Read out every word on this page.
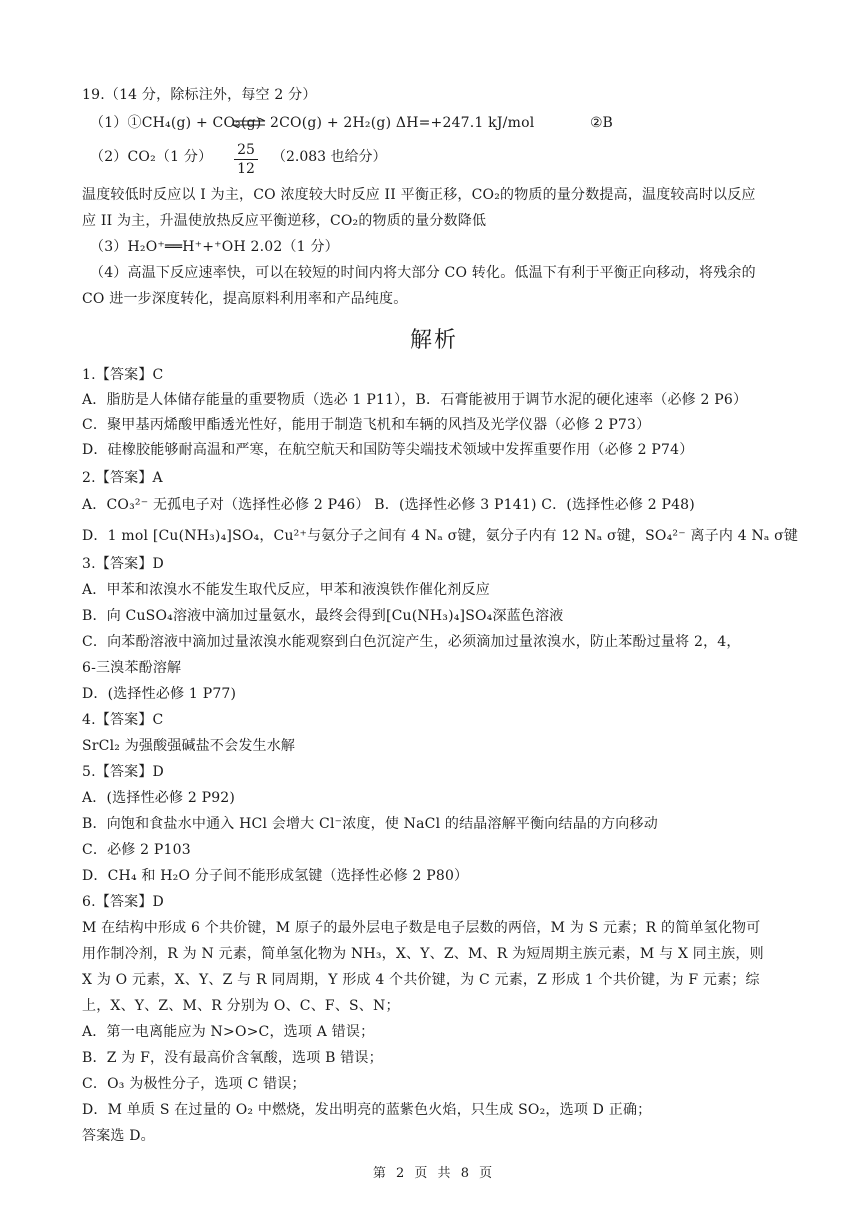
19.（14 分，除标注外，每空 2 分）
（1）①CH₄(g) + CO₂(g) ⇌ 2CO(g) + 2H₂(g) ΔH=+247.1 kJ/mol	②B
（2）CO₂（1 分） 25
12
（2.083 也给分）
温度较低时反应以 I 为主，CO 浓度较大时反应 II 平衡正移，CO₂的物质的量分数提高，温度较高时以反应
应 II 为主，升温使放热反应平衡逆移，CO₂的物质的量分数降低
（3）H₂O⁺══H⁺+⁺OH 2.02（1 分）
（4）高温下反应速率快，可以在较短的时间内将大部分 CO 转化。低温下有利于平衡正向移动，将残余的
CO 进一步深度转化，提高原料利用率和产品纯度。
解析
1.【答案】C
A．脂肪是人体储存能量的重要物质（选必 1 P11），B．石膏能被用于调节水泥的硬化速率（必修 2 P6）
C．聚甲基丙烯酸甲酯透光性好，能用于制造飞机和车辆的风挡及光学仪器（必修 2 P73）
D．硅橡胶能够耐高温和严寒，在航空航天和国防等尖端技术领域中发挥重要作用（必修 2 P74）
2.【答案】A
A．CO₃²⁻ 无孤电子对（选择性必修 2 P46） B．(选择性必修 3 P141) C．(选择性必修 2 P48)
D．1 mol [Cu(NH₃)₄]SO₄，Cu²⁺与氨分子之间有 4 Nₐ σ键，氨分子内有 12 Nₐ σ键，SO₄²⁻ 离子内 4 Nₐ σ键
3.【答案】D
A．甲苯和浓溴水不能发生取代反应，甲苯和液溴铁作催化剂反应
B．向 CuSO₄溶液中滴加过量氨水，最终会得到[Cu(NH₃)₄]SO₄深蓝色溶液
C．向苯酚溶液中滴加过量浓溴水能观察到白色沉淀产生，必须滴加过量浓溴水，防止苯酚过量将 2，4，
6-三溴苯酚溶解
D．(选择性必修 1 P77)
4.【答案】C
SrCl₂ 为强酸强碱盐不会发生水解
5.【答案】D
A．(选择性必修 2 P92)
B．向饱和食盐水中通入 HCl 会增大 Cl⁻浓度，使 NaCl 的结晶溶解平衡向结晶的方向移动
C．必修 2 P103
D．CH₄ 和 H₂O 分子间不能形成氢键（选择性必修 2 P80）
6.【答案】D
M 在结构中形成 6 个共价键，M 原子的最外层电子数是电子层数的两倍，M 为 S 元素；R 的简单氢化物可
用作制冷剂，R 为 N 元素，简单氢化物为 NH₃，X、Y、Z、M、R 为短周期主族元素，M 与 X 同主族，则
X 为 O 元素，X、Y、Z 与 R 同周期，Y 形成 4 个共价键，为 C 元素，Z 形成 1 个共价键，为 F 元素；综
上，X、Y、Z、M、R 分别为 O、C、F、S、N；
A．第一电离能应为 N>O>C，选项 A 错误；
B．Z 为 F，没有最高价含氧酸，选项 B 错误；
C．O₃ 为极性分子，选项 C 错误；
D．M 单质 S 在过量的 O₂ 中燃烧，发出明亮的蓝紫色火焰，只生成 SO₂，选项 D 正确；
答案选 D。
第 2 页 共 8 页
